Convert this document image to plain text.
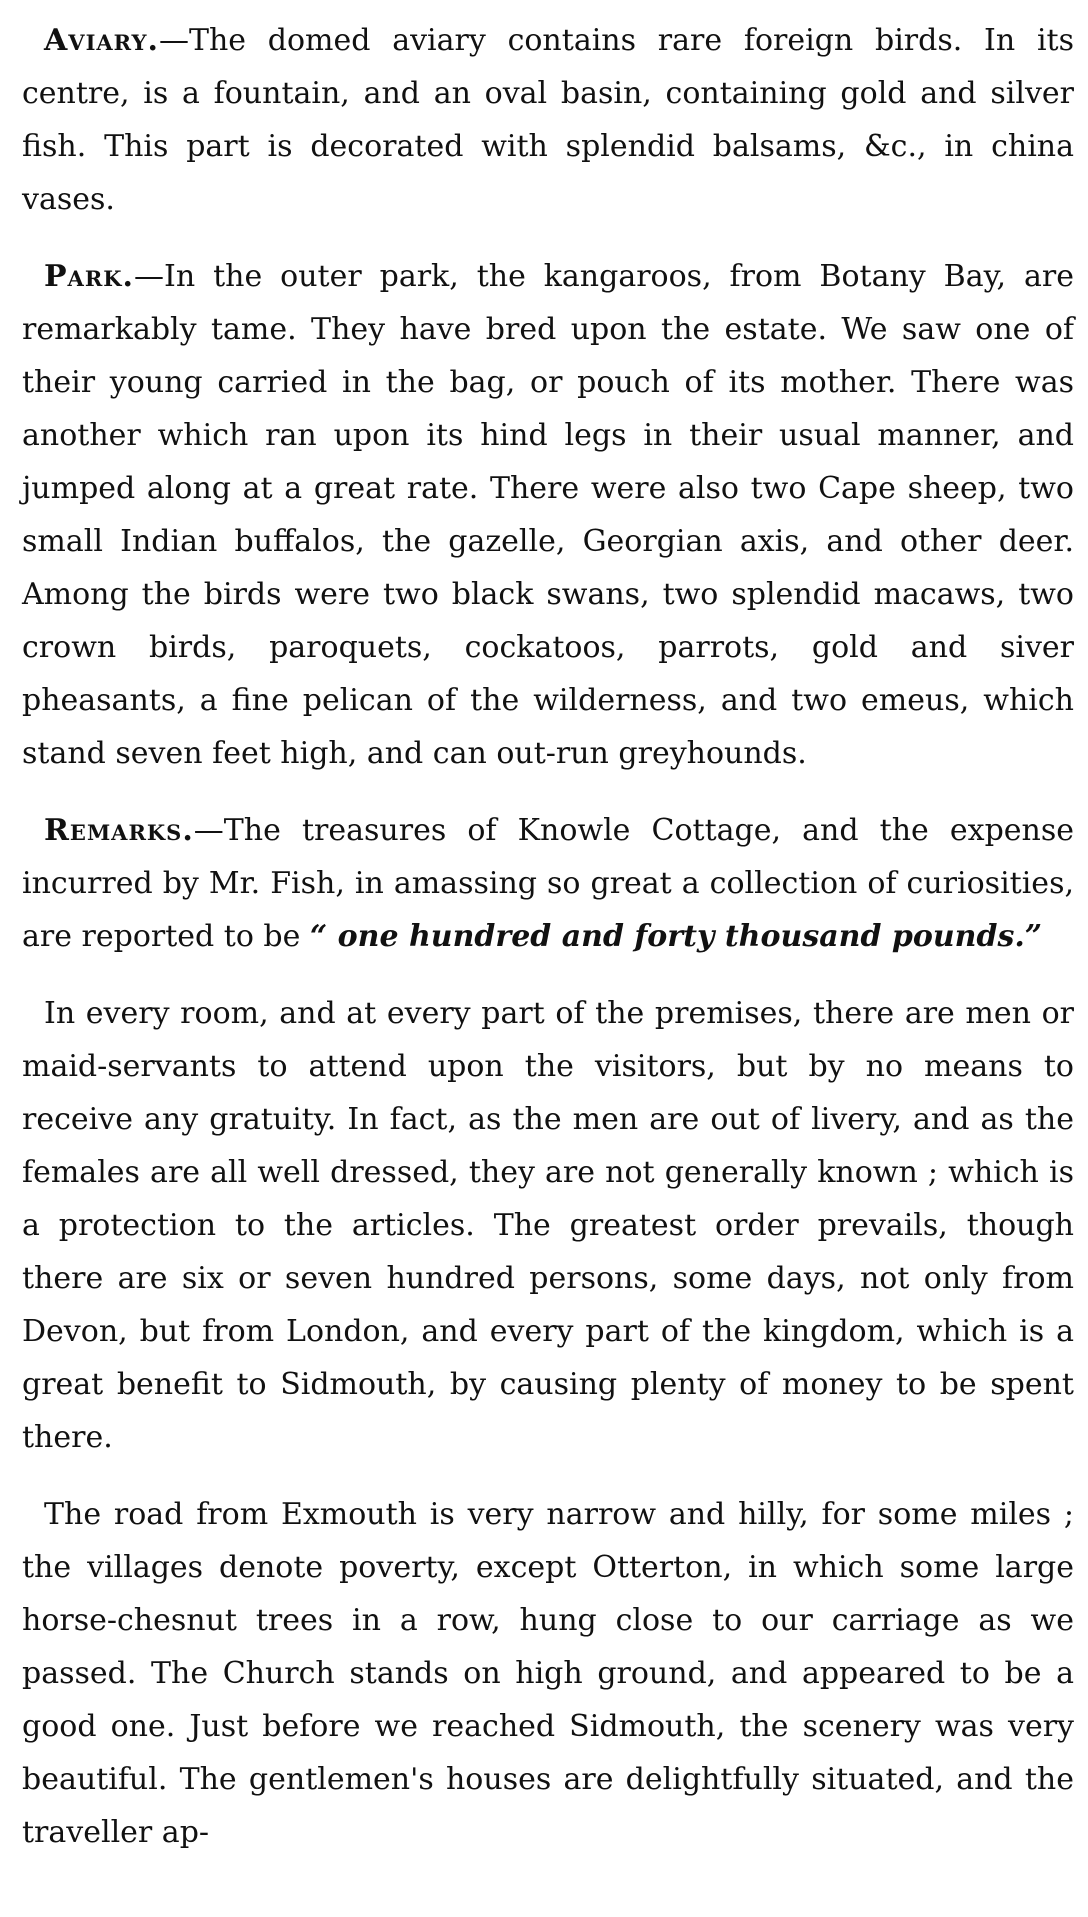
Aviary.—The domed aviary contains rare foreign birds. In its centre, is a fountain, and an oval basin, containing gold and silver fish. This part is decorated with splendid balsams, &c., in china vases.

Park.—In the outer park, the kangaroos, from Botany Bay, are remarkably tame. They have bred upon the estate. We saw one of their young carried in the bag, or pouch of its mother. There was another which ran upon its hind legs in their usual manner, and jumped along at a great rate. There were also two Cape sheep, two small Indian buffalos, the gazelle, Georgian axis, and other deer. Among the birds were two black swans, two splendid macaws, two crown birds, paroquets, cockatoos, parrots, gold and siver pheasants, a fine pelican of the wilderness, and two emeus, which stand seven feet high, and can out-run greyhounds.

Remarks.—The treasures of Knowle Cottage, and the expense incurred by Mr. Fish, in amassing so great a collection of curiosities, are reported to be “ one hundred and forty thousand pounds.”

In every room, and at every part of the premises, there are men or maid-servants to attend upon the visitors, but by no means to receive any gratuity. In fact, as the men are out of livery, and as the females are all well dressed, they are not generally known ; which is a protection to the articles. The greatest order prevails, though there are six or seven hundred persons, some days, not only from Devon, but from London, and every part of the kingdom, which is a great benefit to Sidmouth, by causing plenty of money to be spent there.

The road from Exmouth is very narrow and hilly, for some miles ; the villages denote poverty, except Otterton, in which some large horse-chesnut trees in a row, hung close to our carriage as we passed. The Church stands on high ground, and appeared to be a good one. Just before we reached Sidmouth, the scenery was very beautiful. The gentlemen's houses are delightfully situated, and the traveller ap-
